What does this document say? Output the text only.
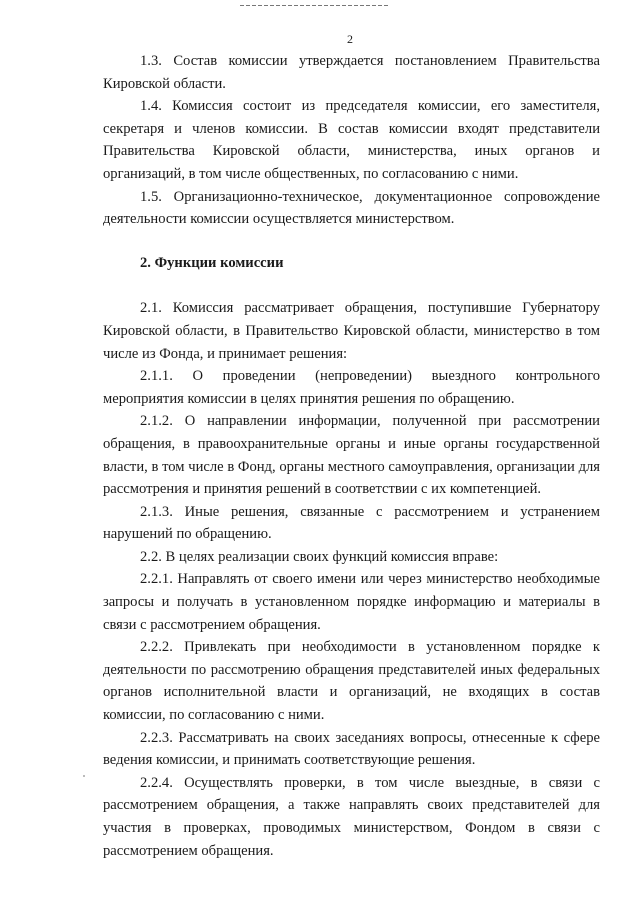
2

1.3. Состав комиссии утверждается постановлением Правительства Кировской области.

1.4. Комиссия состоит из председателя комиссии, его заместителя, секретаря и членов комиссии. В состав комиссии входят представители Правительства Кировской области, министерства, иных органов и организаций, в том числе общественных, по согласованию с ними.

1.5. Организационно-техническое, документационное сопровождение деятельности комиссии осуществляется министерством.

2. Функции комиссии

2.1. Комиссия рассматривает обращения, поступившие Губернатору Кировской области, в Правительство Кировской области, министерство в том числе из Фонда, и принимает решения:

2.1.1. О проведении (непроведении) выездного контрольного мероприятия комиссии в целях принятия решения по обращению.

2.1.2. О направлении информации, полученной при рассмотрении обращения, в правоохранительные органы и иные органы государственной власти, в том числе в Фонд, органы местного самоуправления, организации для рассмотрения и принятия решений в соответствии с их компетенцией.

2.1.3. Иные решения, связанные с рассмотрением и устранением нарушений по обращению.

2.2. В целях реализации своих функций комиссия вправе:

2.2.1. Направлять от своего имени или через министерство необходимые запросы и получать в установленном порядке информацию и материалы в связи с рассмотрением обращения.

2.2.2. Привлекать при необходимости в установленном порядке к деятельности по рассмотрению обращения представителей иных федеральных органов исполнительной власти и организаций, не входящих в состав комиссии, по согласованию с ними.

2.2.3. Рассматривать на своих заседаниях вопросы, отнесенные к сфере ведения комиссии, и принимать соответствующие решения.

2.2.4. Осуществлять проверки, в том числе выездные, в связи с рассмотрением обращения, а также направлять своих представителей для участия в проверках, проводимых министерством, Фондом в связи с рассмотрением обращения.
